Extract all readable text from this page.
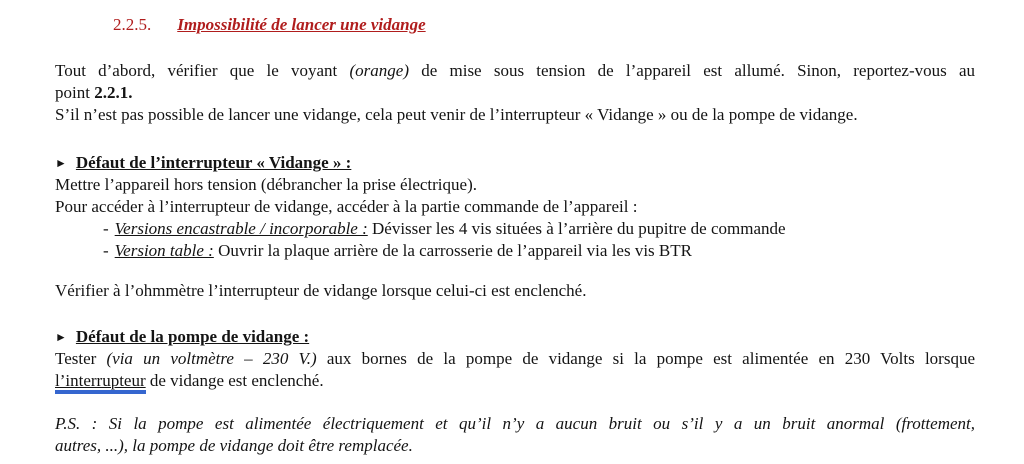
2.2.5. Impossibilité de lancer une vidange
Tout d’abord, vérifier que le voyant (orange) de mise sous tension de l’appareil est allumé. Sinon, reportez-vous au
point 2.2.1.
S’il n’est pas possible de lancer une vidange, cela peut venir de l’interrupteur « Vidange » ou de la pompe de vidange.
► Défaut de l’interrupteur « Vidange » :
Mettre l’appareil hors tension (débrancher la prise électrique).
Pour accéder à l’interrupteur de vidange, accéder à la partie commande de l’appareil :
- Versions encastrable / incorporable : Dévisser les 4 vis situées à l’arrière du pupitre de commande
- Version table : Ouvrir la plaque arrière de la carrosserie de l’appareil via les vis BTR
Vérifier à l’ohmmètre l’interrupteur de vidange lorsque celui-ci est enclenché.
► Défaut de la pompe de vidange :
Tester (via un voltmètre – 230 V.) aux bornes de la pompe de vidange si la pompe est alimentée en 230 Volts lorsque
l’interrupteur de vidange est enclenché.
P.S. : Si la pompe est alimentée électriquement et qu’il n’y a aucun bruit ou s’il y a un bruit anormal (frottement,
autres, ...), la pompe de vidange doit être remplacée.
